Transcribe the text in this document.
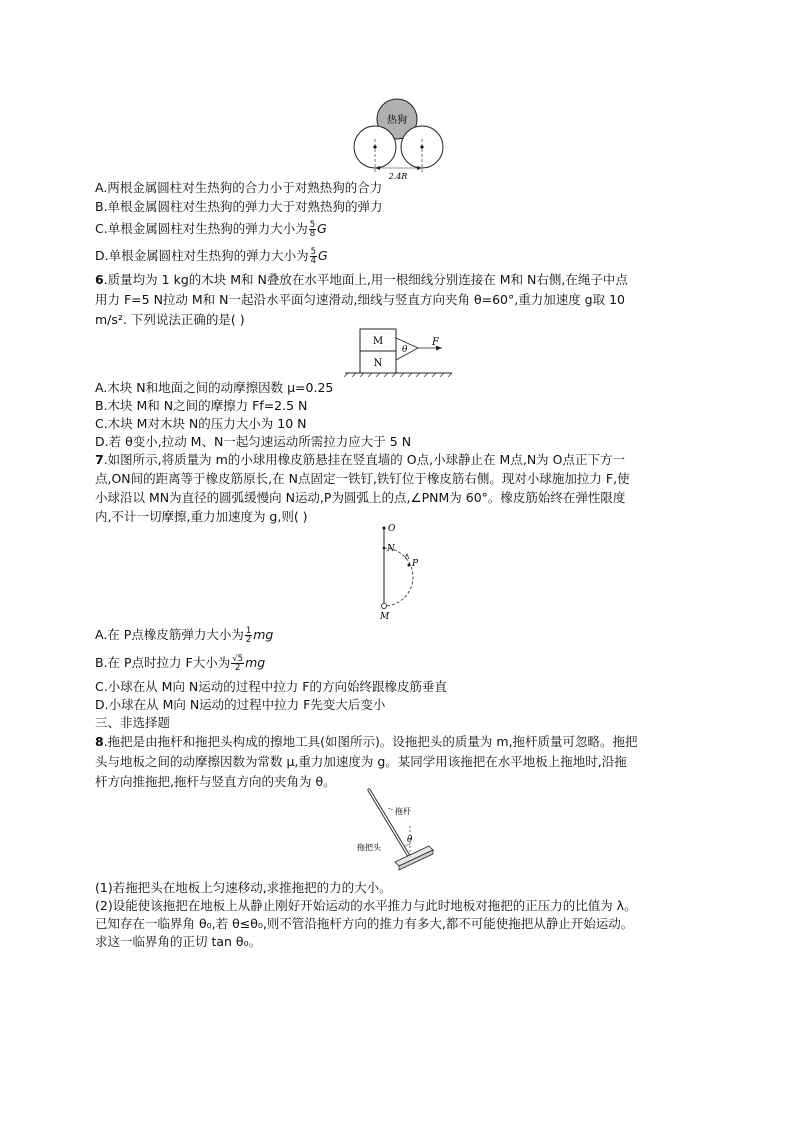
热狗
2.4R
A.两根金属圆柱对生热狗的合力小于对熟热狗的合力
B.单根金属圆柱对生热狗的弹力大于对熟热狗的弹力
C.单根金属圆柱对生热狗的弹力大小为 $\frac{5}{8}$ G
D.单根金属圆柱对生热狗的弹力大小为 $\frac{5}{4}$ G
6.质量均为 1 kg的木块 M和 N叠放在水平地面上,用一根细线分别连接在 M和 N右侧,在绳子中点
用力 F=5 N拉动 M和 N一起沿水平面匀速滑动,细线与竖直方向夹角 θ=60°,重力加速度 g取 10
m/s². 下列说法正确的是( )
M
N
θ
F
A.木块 N和地面之间的动摩擦因数 μ=0.25
B.木块 M和 N之间的摩擦力 Ff=2.5 N
C.木块 M对木块 N的压力大小为 10 N
D.若 θ变小,拉动 M、N一起匀速运动所需拉力应大于 5 N
7.如图所示,将质量为 m的小球用橡皮筋悬挂在竖直墙的 O点,小球静止在 M点,N为 O点正下方一
点,ON间的距离等于橡皮筋原长,在 N点固定一铁钉,铁钉位于橡皮筋右侧。现对小球施加拉力 F,使
小球沿以 MN为直径的圆弧缓慢向 N运动,P为圆弧上的点,∠PNM为 60°。橡皮筋始终在弹性限度
内,不计一切摩擦,重力加速度为 g,则( )
O
N
P
M
A.在 P点橡皮筋弹力大小为 $\frac{1}{2}$ mg
B.在 P点时拉力 F大小为 $\frac{√5}{2}$ mg
C.小球在从 M向 N运动的过程中拉力 F的方向始终跟橡皮筋垂直
D.小球在从 M向 N运动的过程中拉力 F先变大后变小
三、非选择题
8.拖把是由拖杆和拖把头构成的擦地工具(如图所示)。设拖把头的质量为 m,拖杆质量可忽略。拖把
头与地板之间的动摩擦因数为常数 μ,重力加速度为 g。某同学用该拖把在水平地板上拖地时,沿拖
杆方向推拖把,拖杆与竖直方向的夹角为 θ。
拖杆
θ
拖把头
(1)若拖把头在地板上匀速移动,求推拖把的力的大小。
(2)设能使该拖把在地板上从静止刚好开始运动的水平推力与此时地板对拖把的正压力的比值为 λ。
已知存在一临界角 θ₀,若 θ≤θ₀,则不管沿拖杆方向的推力有多大,都不可能使拖把从静止开始运动。
求这一临界角的正切 tan θ₀。
